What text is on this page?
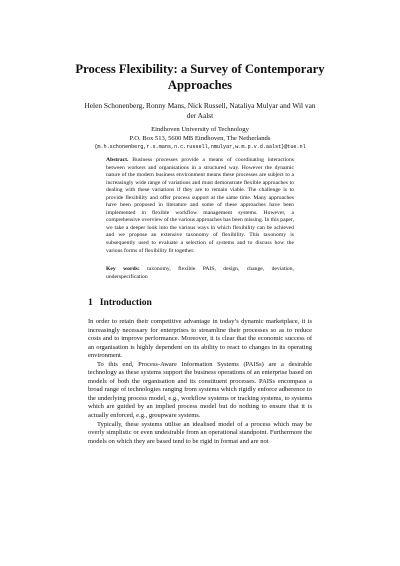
Process Flexibility: a Survey of Contemporary Approaches
Helen Schonenberg, Ronny Mans, Nick Russell, Nataliya Mulyar and Wil van der Aalst
Eindhoven University of Technology
P.O. Box 513, 5600 MB Eindhoven, The Netherlands
{m.h.schonenberg,r.s.mans,n.c.russell,nmulyar,w.m.p.v.d.aalst}@tue.nl
Abstract. Business processes provide a means of coordinating interactions between workers and organisations in a structured way. However the dynamic nature of the modern business environment means these processes are subject to a increasingly wide range of variations and must demonstrate flexible approaches to dealing with these variations if they are to remain viable. The challenge is to provide flexibility and offer process support at the same time. Many approaches have been proposed in literature and some of these approaches have been implemented in flexible workflow management systems. However, a comprehensive overview of the various approaches has been missing. In this paper, we take a deeper look into the various ways in which flexibility can be achieved and we propose an extensive taxonomy of flexibility. This taxonomy is subsequently used to evaluate a selection of systems and to discuss how the various forms of flexibility fit together.
Key words: taxonomy, flexible PAIS, design, change, deviation, underspecification
1 Introduction

In order to retain their competitive advantage in today’s dynamic marketplace, it is increasingly necessary for enterprises to streamline their processes so as to reduce costs and to improve performance. Moreover, it is clear that the economic success of an organisation is highly dependent on its ability to react to changes in its operating environment.

To this end, Process-Aware Information Systems (PAISs) are a desirable technology as these systems support the business operations of an enterprise based on models of both the organisation and its constituent processes. PAISs encompass a broad range of technologies ranging from systems which rigidly enforce adherence to the underlying process model, e.g., workflow systems or tracking systems, to systems which are guided by an implied process model but do nothing to ensure that it is actually enforced, e.g., groupware systems.

Typically, these systems utilise an idealised model of a process which may be overly simplistic or even undesirable from an operational standpoint. Furthermore the models on which they are based tend to be rigid in format and are not
